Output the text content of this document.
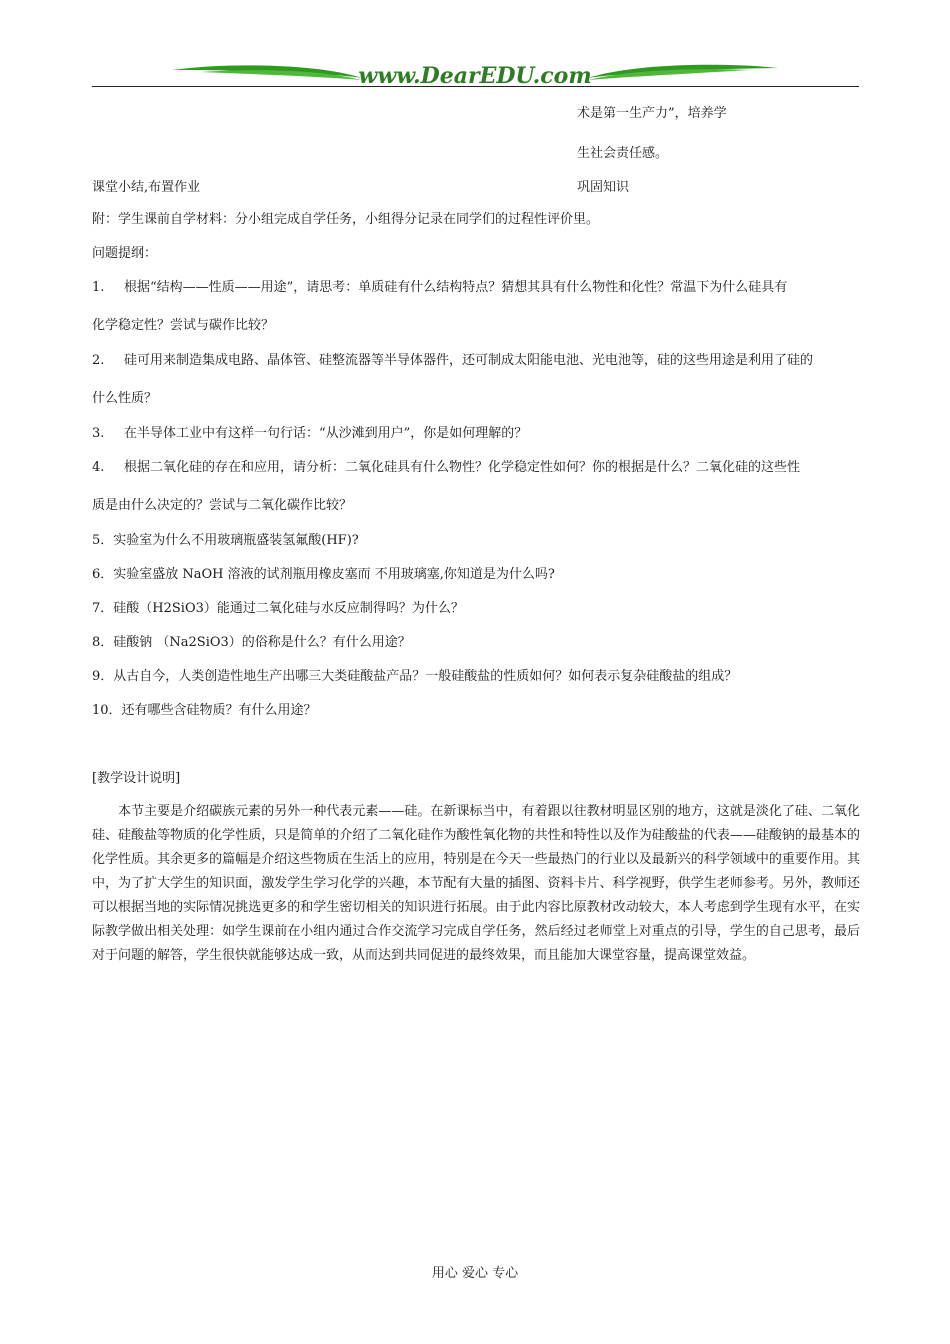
www.DearEDU.com
术是第一生产力”，培养学
生社会责任感。
课堂小结,布置作业	巩固知识
附：学生课前自学材料：分小组完成自学任务，小组得分记录在同学们的过程性评价里。
问题提纲：
1. 根据“结构——性质——用途”，请思考：单质硅有什么结构特点？猜想其具有什么物性和化性？常温下为什么硅具有
化学稳定性？尝试与碳作比较？
2. 硅可用来制造集成电路、晶体管、硅整流器等半导体器件，还可制成太阳能电池、光电池等，硅的这些用途是利用了硅的
什么性质？
3. 在半导体工业中有这样一句行话：“从沙滩到用户”，你是如何理解的？
4. 根据二氧化硅的存在和应用，请分析：二氧化硅具有什么物性？化学稳定性如何？你的根据是什么？二氧化硅的这些性
质是由什么决定的？尝试与二氧化碳作比较？
5．实验室为什么不用玻璃瓶盛装氢氟酸(HF)?
6．实验室盛放 NaOH 溶液的试剂瓶用橡皮塞而 不用玻璃塞,你知道是为什么吗?
7．硅酸（H2SiO3）能通过二氧化硅与水反应制得吗？为什么？
8．硅酸钠 （Na2SiO3）的俗称是什么？有什么用途？
9．从古自今，人类创造性地生产出哪三大类硅酸盐产品？一般硅酸盐的性质如何？如何表示复杂硅酸盐的组成？
10．还有哪些含硅物质？有什么用途？
[教学设计说明]
本节主要是介绍碳族元素的另外一种代表元素——硅。在新课标当中，有着跟以往教材明显区别的地方，这就是淡化了硅、二氧化硅、硅酸盐等物质的化学性质，只是简单的介绍了二氧化硅作为酸性氧化物的共性和特性以及作为硅酸盐的代表——硅酸钠的最基本的化学性质。其余更多的篇幅是介绍这些物质在生活上的应用，特别是在今天一些最热门的行业以及最新兴的科学领域中的重要作用。其中，为了扩大学生的知识面，激发学生学习化学的兴趣，本节配有大量的插图、资料卡片、科学视野，供学生老师参考。另外，教师还可以根据当地的实际情况挑选更多的和学生密切相关的知识进行拓展。由于此内容比原教材改动较大，本人考虑到学生现有水平，在实际教学做出相关处理：如学生课前在小组内通过合作交流学习完成自学任务，然后经过老师堂上对重点的引导，学生的自己思考，最后对于问题的解答，学生很快就能够达成一致，从而达到共同促进的最终效果，而且能加大课堂容量，提高课堂效益。
用心 爱心 专心
